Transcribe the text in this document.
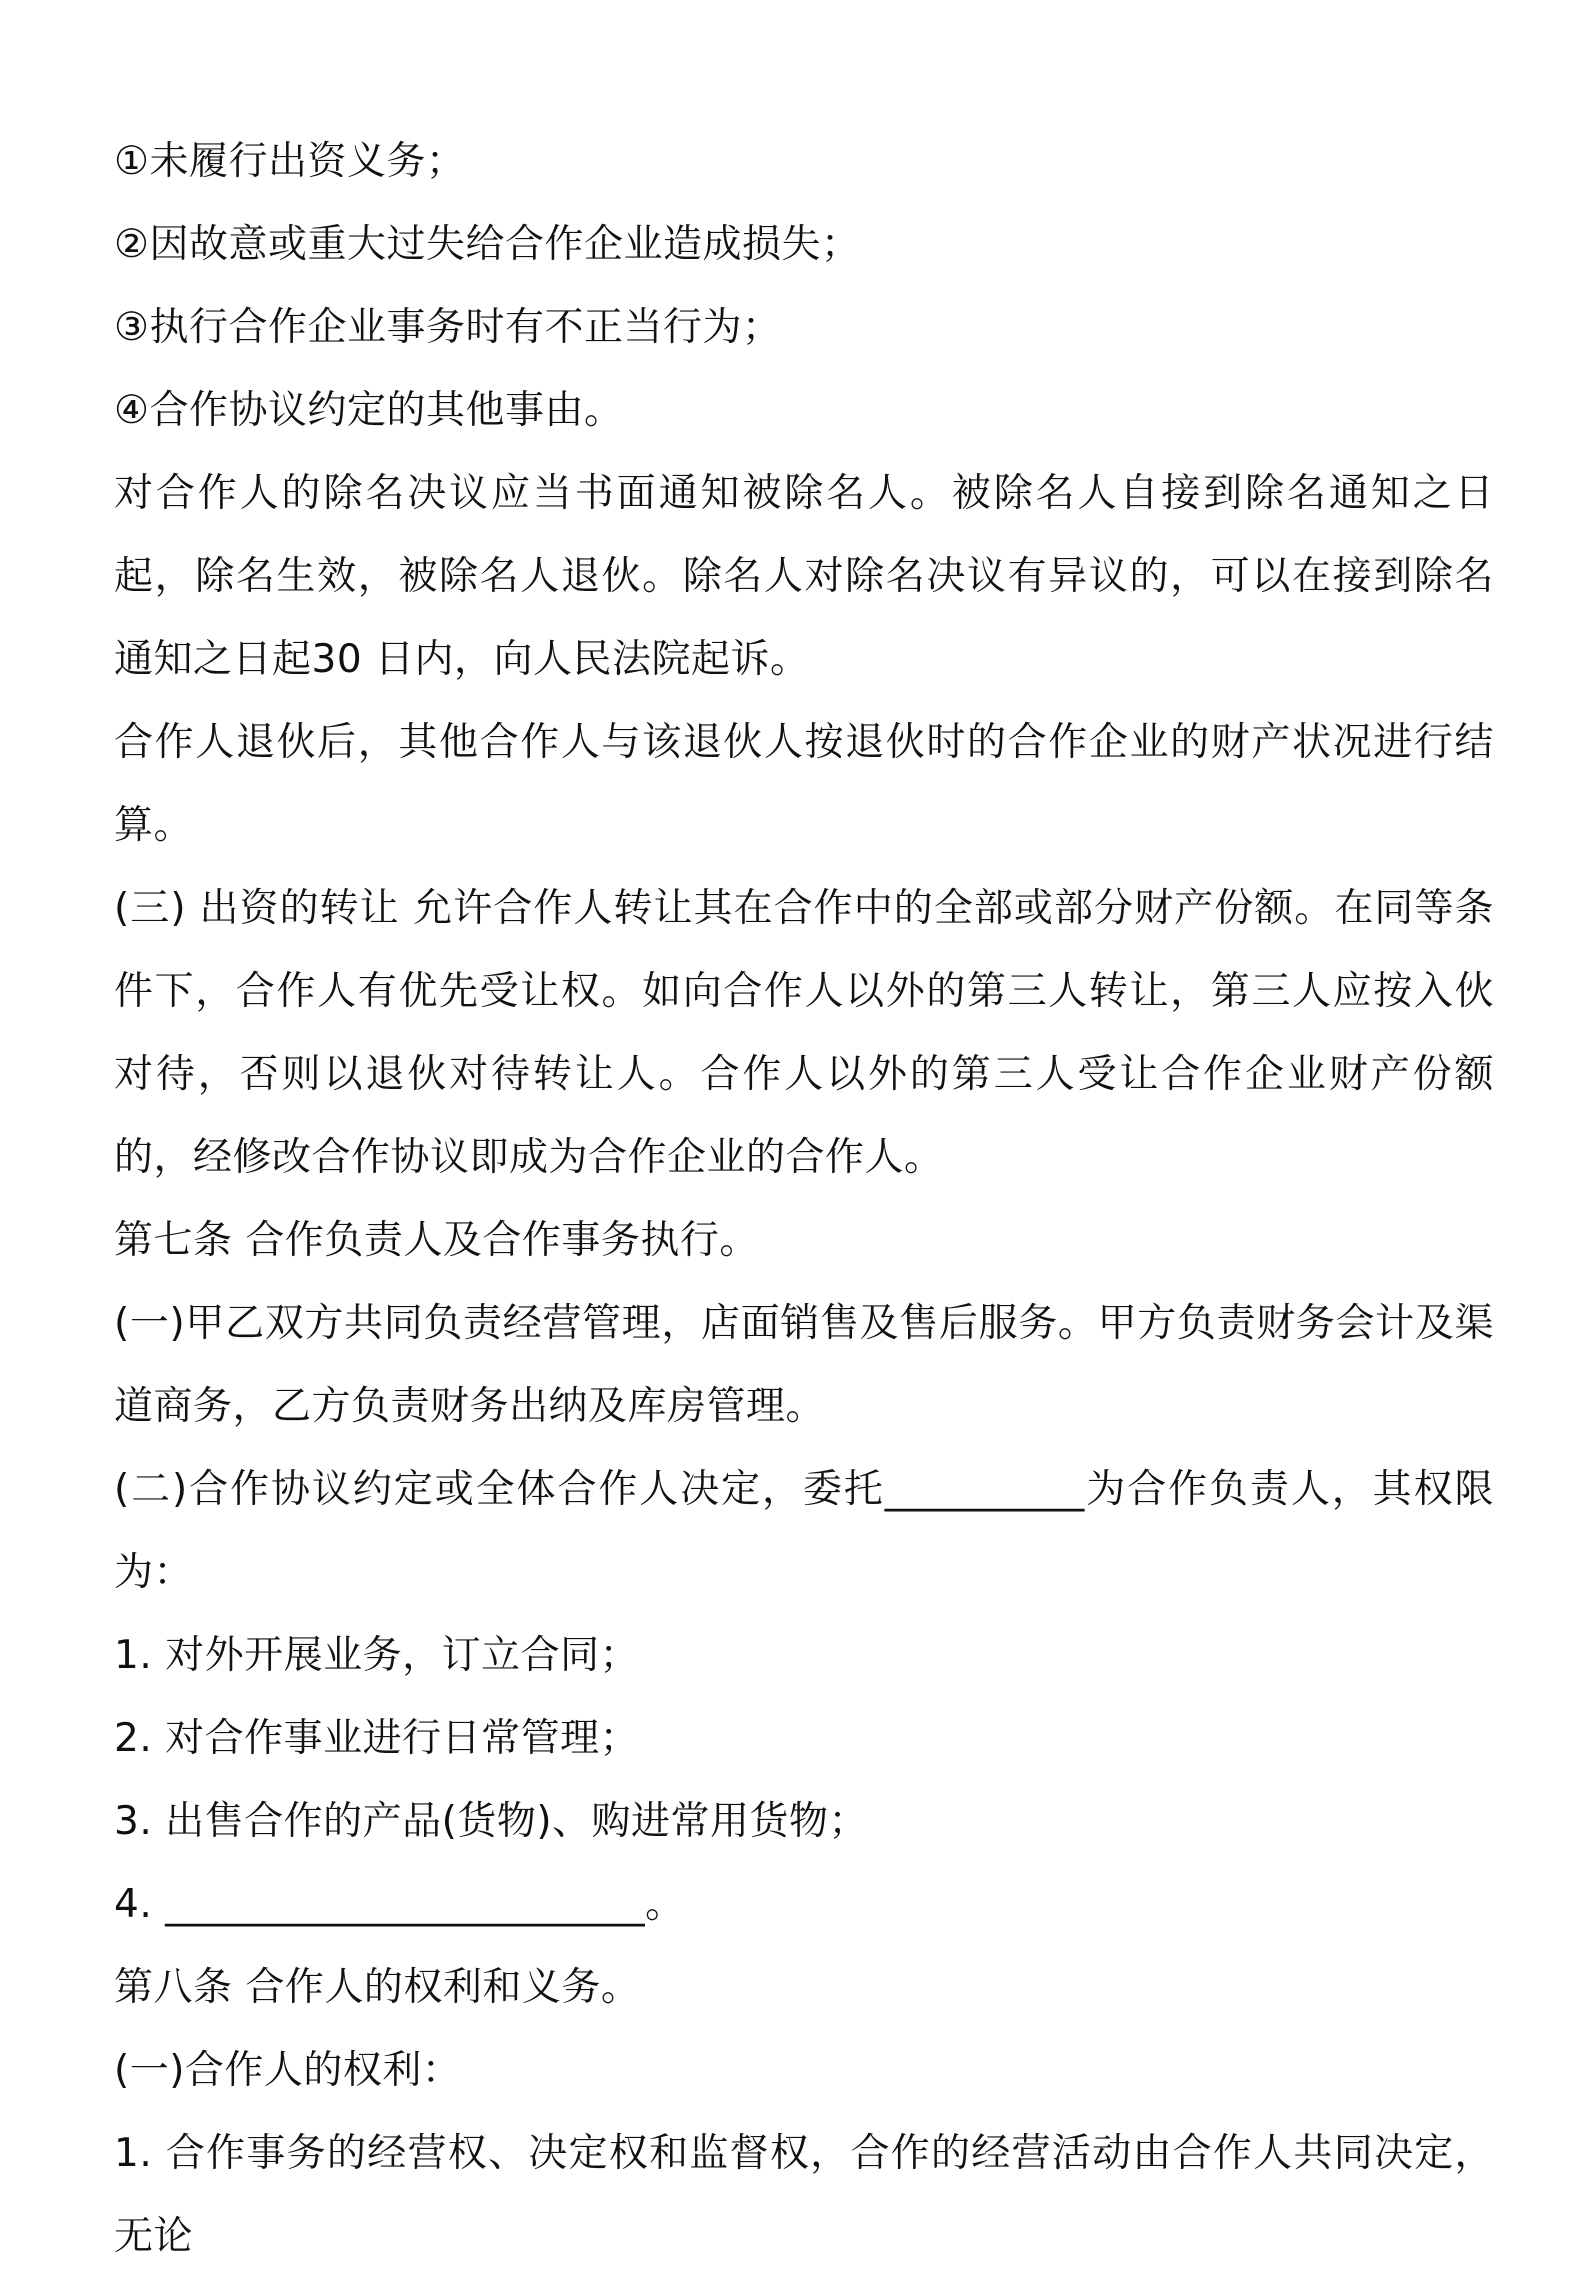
①未履行出资义务；

②因故意或重大过失给合作企业造成损失；

③执行合作企业事务时有不正当行为；

④合作协议约定的其他事由。

对合作人的除名决议应当书面通知被除名人。被除名人自接到除名通知之日起，除名生效，被除名人退伙。除名人对除名决议有异议的，可以在接到除名通知之日起30 日内，向人民法院起诉。

合作人退伙后，其他合作人与该退伙人按退伙时的合作企业的财产状况进行结算。

(三) 出资的转让 允许合作人转让其在合作中的全部或部分财产份额。在同等条件下，合作人有优先受让权。如向合作人以外的第三人转让，第三人应按入伙对待，否则以退伙对待转让人。合作人以外的第三人受让合作企业财产份额的，经修改合作协议即成为合作企业的合作人。

第七条 合作负责人及合作事务执行。

(一)甲乙双方共同负责经营管理，店面销售及售后服务。甲方负责财务会计及渠道商务，乙方负责财务出纳及库房管理。

(二)合作协议约定或全体合作人决定，委托__________为合作负责人，其权限为：

1. 对外开展业务，订立合同；

2. 对合作事业进行日常管理；

3. 出售合作的产品(货物)、购进常用货物；

4. ________________________。

第八条 合作人的权利和义务。

(一)合作人的权利：

1. 合作事务的经营权、决定权和监督权，合作的经营活动由合作人共同决定，无论
